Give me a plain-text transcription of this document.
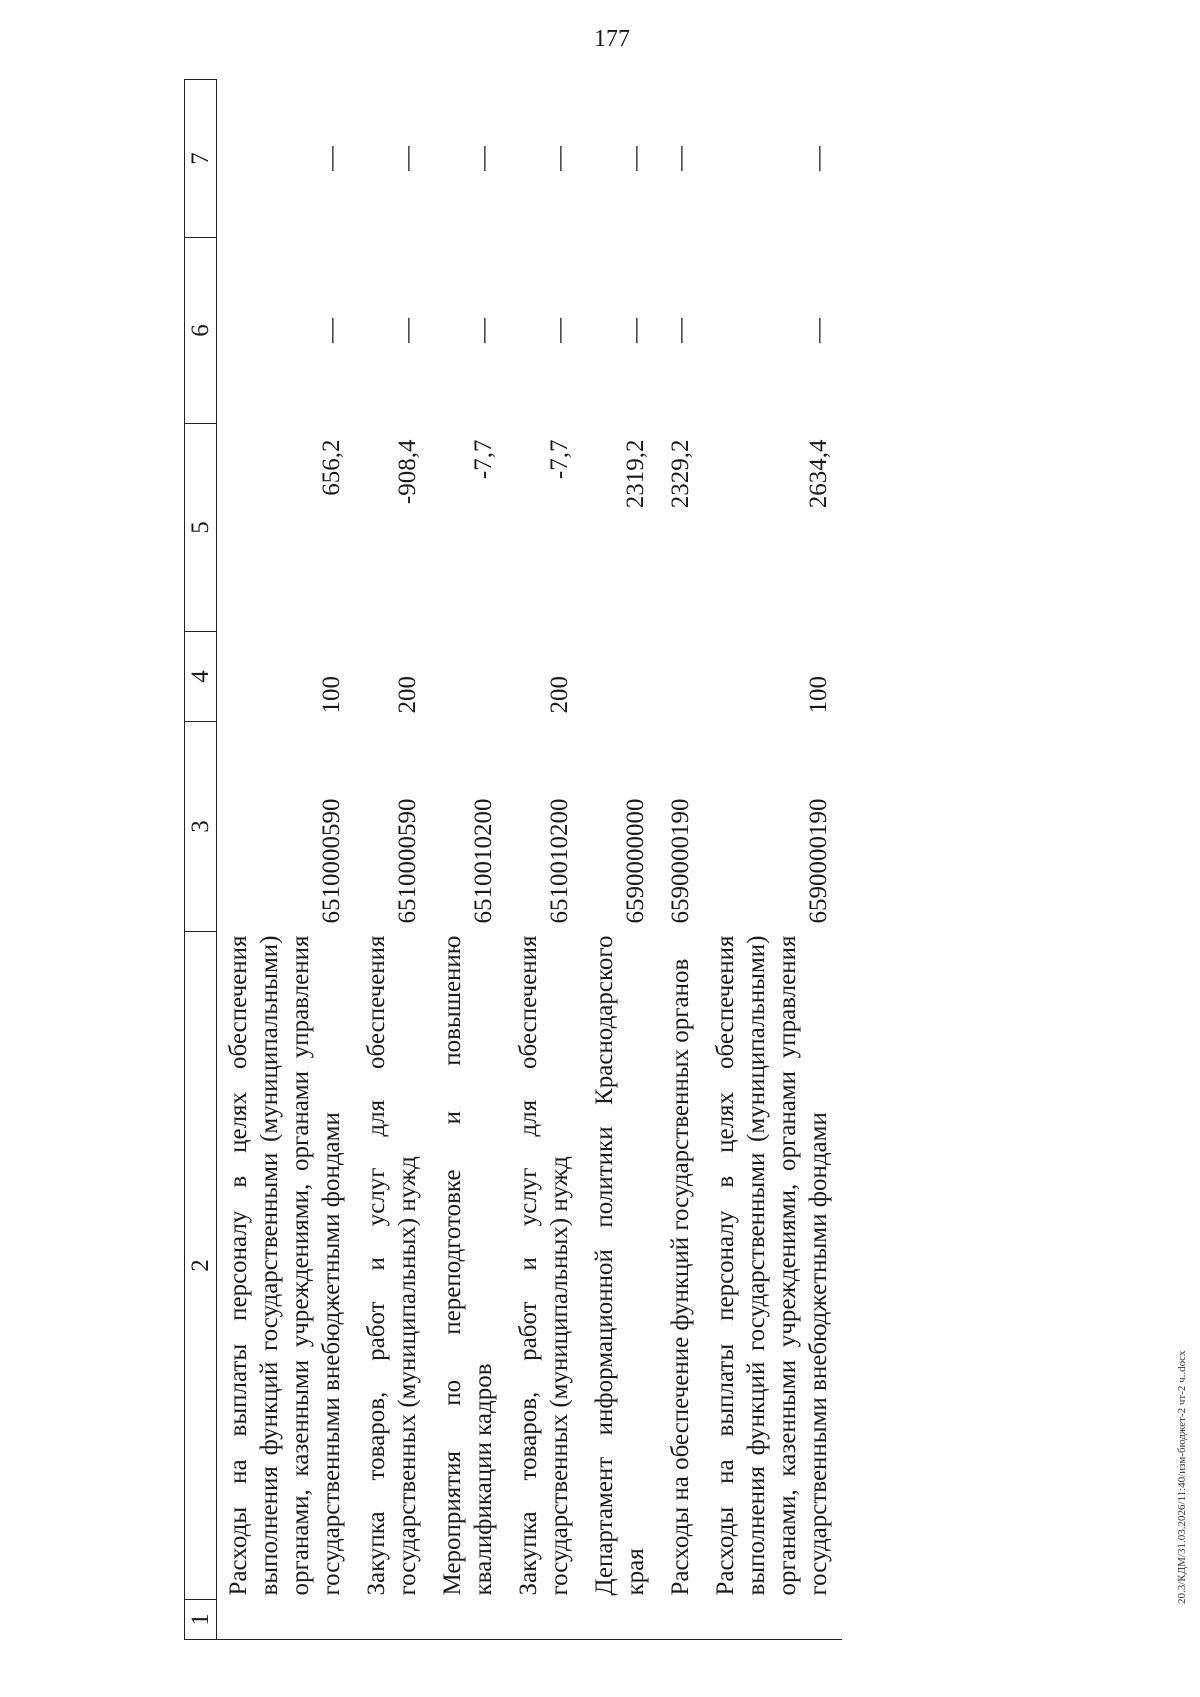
177
20.3/КДМ/31.03.2026/11:40/изм-бюджет-2 чт-2 ч..docx
1	2	3	4	5	6	7
	Расходы на выплаты персоналу в целях обеспечения выполнения функций государственными (муниципальными) органами, казенными учреждениями, органами управления государственными внебюджетными фондами	6510000590	100	656,2	—	—
	Закупка товаров, работ и услуг для обеспечения государственных (муниципальных) нужд	6510000590	200	-908,4	—	—
	Мероприятия по переподготовке и повышению квалификации кадров	6510010200		-7,7	—	—
	Закупка товаров, работ и услуг для обеспечения государственных (муниципальных) нужд	6510010200	200	-7,7	—	—
	Департамент информационной политики Краснодарского края	6590000000		2319,2	—	—
	Расходы на обеспечение функций государственных органов	6590000190		2329,2	—	—
	Расходы на выплаты персоналу в целях обеспечения выполнения функций государственными (муниципальными) органами, казенными учреждениями, органами управления государственными внебюджетными фондами	6590000190	100	2634,4	—	—
